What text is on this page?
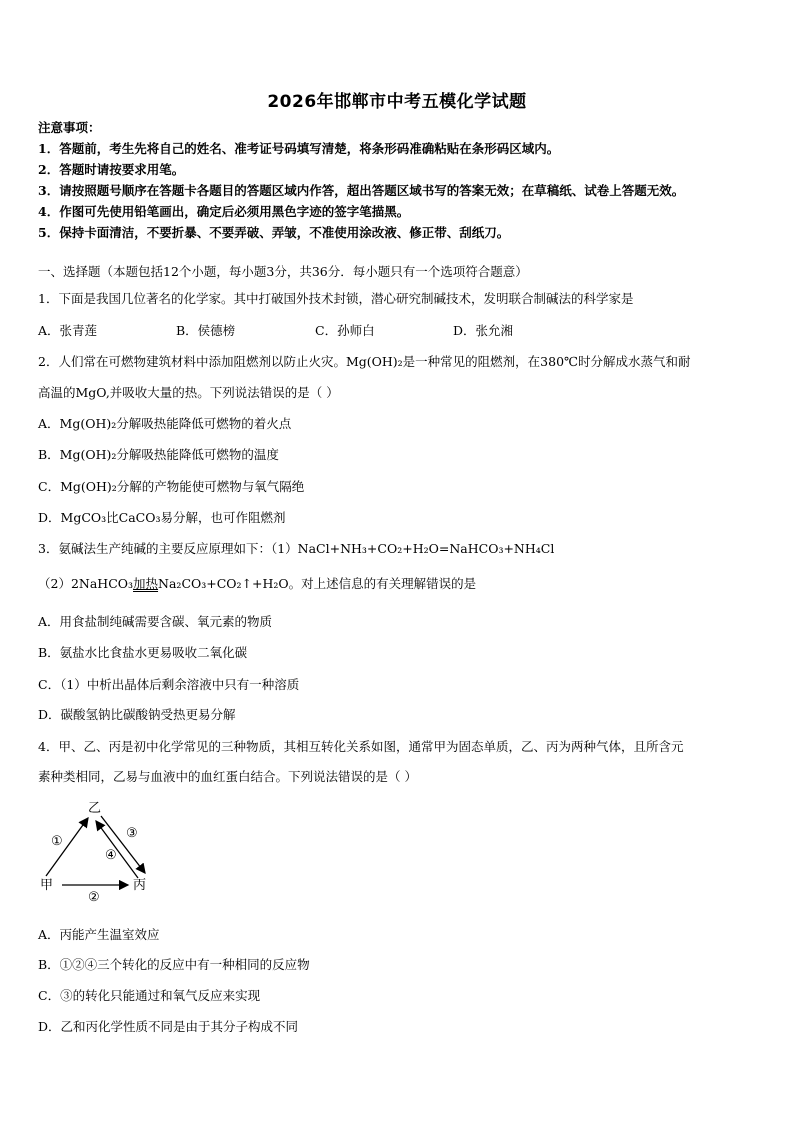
2026年邯郸市中考五模化学试题
注意事项：
1．答题前，考生先将自己的姓名、准考证号码填写清楚，将条形码准确粘贴在条形码区域内。
2．答题时请按要求用笔。
3．请按照题号顺序在答题卡各题目的答题区域内作答，超出答题区域书写的答案无效；在草稿纸、试卷上答题无效。
4．作图可先使用铅笔画出，确定后必须用黑色字迹的签字笔描黑。
5．保持卡面清洁，不要折暴、不要弄破、弄皱，不准使用涂改液、修正带、刮纸刀。
一、选择题（本题包括12个小题，每小题3分，共36分．每小题只有一个选项符合题意）
1．下面是我国几位著名的化学家。其中打破国外技术封锁，潜心研究制碱技术，发明联合制碱法的科学家是
A．张青莲	B．侯德榜	C．孙师白	D．张允湘
2．人们常在可燃物建筑材料中添加阻燃剂以防止火灾。Mg(OH)₂是一种常见的阻燃剂，在380℃时分解成水蒸气和耐
高温的MgO,并吸收大量的热。下列说法错误的是（ ）
A．Mg(OH)₂分解吸热能降低可燃物的着火点
B．Mg(OH)₂分解吸热能降低可燃物的温度
C．Mg(OH)₂分解的产物能使可燃物与氧气隔绝
D．MgCO₃比CaCO₃易分解，也可作阻燃剂
3．氨碱法生产纯碱的主要反应原理如下：（1）NaCl+NH₃+CO₂+H₂O=NaHCO₃+NH₄Cl
（2）2NaHCO₃加热Na₂CO₃+CO₂↑+H₂O。对上述信息的有关理解错误的是
A．用食盐制纯碱需要含碳、氧元素的物质
B．氨盐水比食盐水更易吸收二氧化碳
C．（1）中析出晶体后剩余溶液中只有一种溶质
D．碳酸氢钠比碳酸钠受热更易分解
4．甲、乙、丙是初中化学常见的三种物质，其相互转化关系如图，通常甲为固态单质，乙、丙为两种气体，且所含元
素种类相同，乙易与血液中的血红蛋白结合。下列说法错误的是（ ）
乙
甲	丙
①
②
③
④
A．丙能产生温室效应
B．①②④三个转化的反应中有一种相同的反应物
C．③的转化只能通过和氧气反应来实现
D．乙和丙化学性质不同是由于其分子构成不同
